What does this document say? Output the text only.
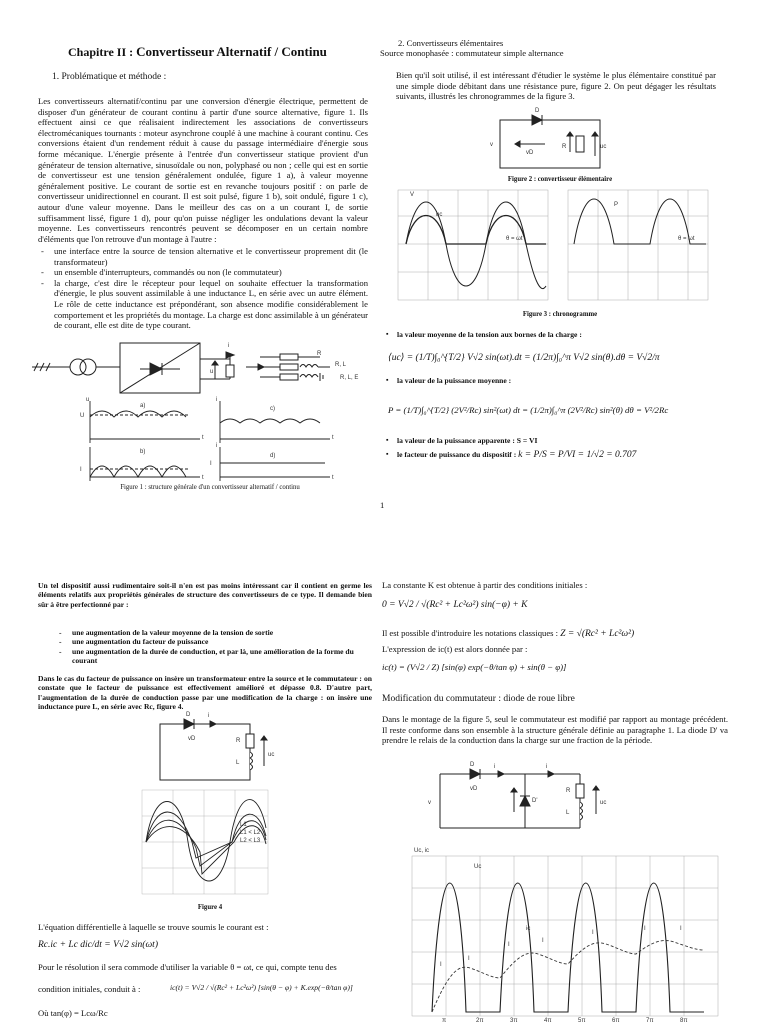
Chapitre II : Convertisseur Alternatif / Continu
1. Problématique et méthode :
Les convertisseurs alternatif/continu par une conversion d'énergie électrique, permettent de disposer d'un générateur de courant continu à partir d'une source alternative, figure 1. Ils effectuent ainsi ce que réalisaient indirectement les associations de convertisseurs électromécaniques tournants : moteur asynchrone couplé à une machine à courant continu. Ces conversions étaient d'un rendement réduit à cause du passage intermédiaire d'énergie sous forme mécanique. L'énergie présente à l'entrée d'un convertisseur statique provient d'un générateur de tension alternative, sinusoïdale ou non, polyphasé ou non ; celle qui est en sortie de convertisseur est une tension généralement ondulée, figure 1 a), à valeur moyenne généralement positive. Le courant de sortie est en revanche toujours positif : on parle de convertisseur unidirectionnel en courant. Il est soit pulsé, figure 1 b), soit ondulé, figure 1 c), autour d'une valeur moyenne. Dans le meilleur des cas on a un courant I, de sortie suffisamment lissé, figure 1 d), pour qu'on puisse négliger les ondulations devant la valeur moyenne. Les convertisseurs rencontrés peuvent se décomposer en un certain nombre d'éléments que l'on retrouve d'un montage à l'autre :
- une interface entre la source de tension alternative et le convertisseur proprement dit (le transformateur)
- un ensemble d'interrupteurs, commandés ou non (le commutateur)
- la charge, c'est dire le récepteur pour lequel on souhaite effectuer la transformation d'énergie, le plus souvent assimilable à une inductance L, en série avec un autre élément. Le rôle de cette inductance est prépondérant, son absence modifie considérablement le comportement et les propriétés du montage. La charge est donc assimilable à un générateur de courant, elle est dite de type courant.
u
i
R
R, L
R, L, E
u
U
a)
t
I
b)
t
i
c)
t
i
I
d)
t
Figure 1 : structure générale d'un convertisseur alternatif / continu
2. Convertisseurs élémentaires
Source monophasée : commutateur simple alternance
Bien qu'il soit utilisé, il est intéressant d'étudier le système le plus élémentaire constitué par une simple diode débitant dans une résistance pure, figure 2. On peut dégager les résultats suivants, illustrés les chronogrammes de la figure 3.
D
v
vD
R	uc
Figure 2 : convertisseur élémentaire
V
uc
θ = ωt
P
θ = ωt
Figure 3 : chronogramme
▪ la valeur moyenne de la tension aux bornes de la charge :
⟨uc⟩ = (1/T)∫₀^{T/2} V√2 sin(ωt).dt = (1/2π)∫₀^π V√2 sin(θ).dθ = V√2/π
▪ la valeur de la puissance moyenne :
P = (1/T)∫₀^{T/2} (2V²/Rc) sin²(ωt) dt = (1/2π)∫₀^π (2V²/Rc) sin²(θ) dθ = V²/2Rc
▪ la valeur de la puissance apparente : S = VI
▪ le facteur de puissance du dispositif : k = P/S = P/VI = 1/√2 = 0.707
1
Un tel dispositif aussi rudimentaire soit-il n'en est pas moins intéressant car il contient en germe les éléments relatifs aux propriétés générales de structure des convertisseurs de ce type. Il demande bien sûr à être perfectionné par :
- une augmentation de la valeur moyenne de la tension de sortie
- une augmentation du facteur de puissance
- une augmentation de la durée de conduction, et par là, une amélioration de la forme du courant
Dans le cas du facteur de puissance on insère un transformateur entre la source et le commutateur : on constate que le facteur de puissance est effectivement amélioré et dépasse 0.8. D'autre part, l'augmentation de la durée de conduction passe par une modification de la charge : on insère une inductance pure L, en série avec Rc, figure 4.
D	i
vD	R
L
uc
L1
L1 < L2
L2 < L3
Figure 4
L'équation différentielle à laquelle se trouve soumis le courant est :
Rc.ic + Lc dic/dt = V√2 sin(ωt)
Pour le résolution il sera commode d'utiliser la variable θ = ωt, ce qui, compte tenu des
condition initiales, conduit à :	ic(t) = V√2 / √(Rc² + Lc²ω²) [sin(θ − φ) + K.exp(−θ/tan φ)]
Où tan(φ) = Lcω/Rc
La constante K est obtenue à partir des conditions initiales :
0 = V√2 / √(Rc² + Lc²ω²) sin(−φ) + K
Il est possible d'introduire les notations classiques : Z = √(Rc² + Lc²ω²)
L'expression de ic(t) est alors donnée par :
ic(t) = (V√2 / Z) [sin(φ) exp(−θ/tan φ) + sin(θ − φ)]
Modification du commutateur : diode de roue libre
Dans le montage de la figure 5, seul le commutateur est modifié par rapport au montage précédent. Il reste conforme dans son ensemble à la structure générale définie au paragraphe 1. La diode D' va prendre le relais de la conduction dans la charge sur une fraction de la période.
D	i
vD
v	D'
R
L
uc
i
Uc, ic
Uc
ic
I
I
I
I
I
I	I
π	2π	3π	4π	5π	6π	7π	8π
